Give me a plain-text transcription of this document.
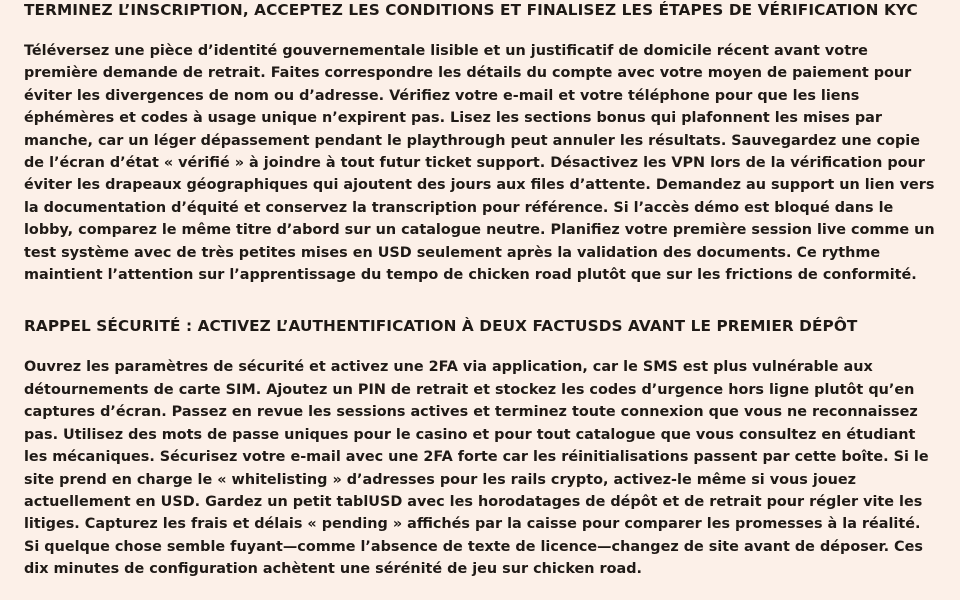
TERMINEZ L’INSCRIPTION, ACCEPTEZ LES CONDITIONS ET FINALISEZ LES ÉTAPES DE VÉRIFICATION KYC

Téléversez une pièce d’identité gouvernementale lisible et un justificatif de domicile récent avant votre première demande de retrait. Faites correspondre les détails du compte avec votre moyen de paiement pour éviter les divergences de nom ou d’adresse. Vérifiez votre e-mail et votre téléphone pour que les liens éphémères et codes à usage unique n’expirent pas. Lisez les sections bonus qui plafonnent les mises par manche, car un léger dépassement pendant le playthrough peut annuler les résultats. Sauvegardez une copie de l’écran d’état « vérifié » à joindre à tout futur ticket support. Désactivez les VPN lors de la vérification pour éviter les drapeaux géographiques qui ajoutent des jours aux files d’attente. Demandez au support un lien vers la documentation d’équité et conservez la transcription pour référence. Si l’accès démo est bloqué dans le lobby, comparez le même titre d’abord sur un catalogue neutre. Planifiez votre première session live comme un test système avec de très petites mises en USD seulement après la validation des documents. Ce rythme maintient l’attention sur l’apprentissage du tempo de chicken road plutôt que sur les frictions de conformité.

RAPPEL SÉCURITÉ : ACTIVEZ L’AUTHENTIFICATION À DEUX FACTUSDS AVANT LE PREMIER DÉPÔT

Ouvrez les paramètres de sécurité et activez une 2FA via application, car le SMS est plus vulnérable aux détournements de carte SIM. Ajoutez un PIN de retrait et stockez les codes d’urgence hors ligne plutôt qu’en captures d’écran. Passez en revue les sessions actives et terminez toute connexion que vous ne reconnaissez pas. Utilisez des mots de passe uniques pour le casino et pour tout catalogue que vous consultez en étudiant les mécaniques. Sécurisez votre e-mail avec une 2FA forte car les réinitialisations passent par cette boîte. Si le site prend en charge le « whitelisting » d’adresses pour les rails crypto, activez-le même si vous jouez actuellement en USD. Gardez un petit tablUSD avec les horodatages de dépôt et de retrait pour régler vite les litiges. Capturez les frais et délais « pending » affichés par la caisse pour comparer les promesses à la réalité. Si quelque chose semble fuyant—comme l’absence de texte de licence—changez de site avant de déposer. Ces dix minutes de configuration achètent une sérénité de jeu sur chicken road.
